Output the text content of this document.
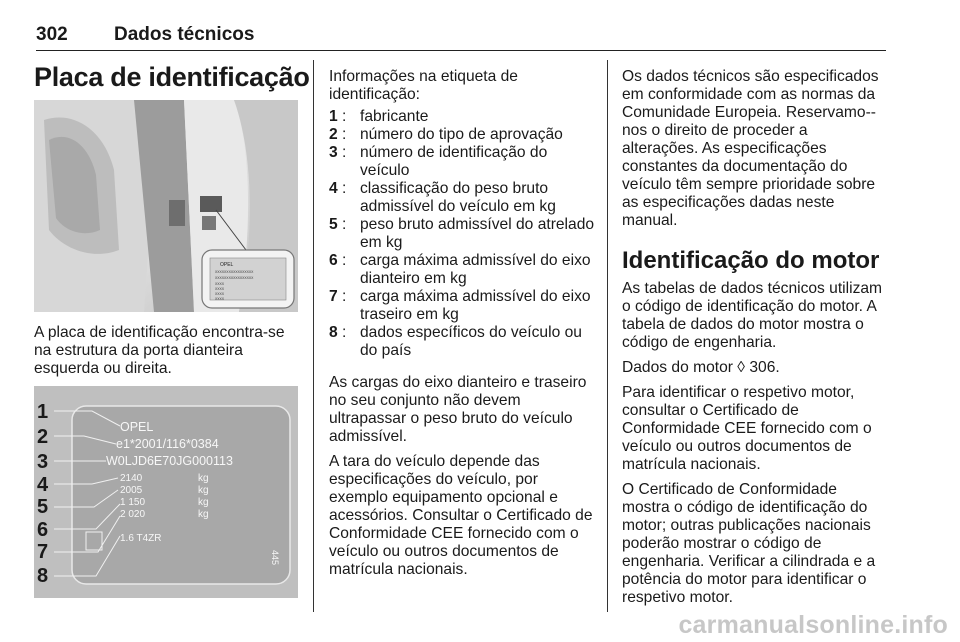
302 Dados técnicos
Placa de identificação
OPEL
XXXXXXXXXXXXXXXXX
XXXXXXXXXXXXXXXXX
XXXX
XXXX
XXXX
XXXX

A placa de identificação encontra-se na estrutura da porta dianteira esquerda ou direita.

1
2
3
4
5
6
7
8
OPEL
e1*2001/116*0384
W0LJD6E70JG000113
2140
2005
1 150
2 020
kg
kg
kg
kg
1.6 T4ZR
445

Informações na etiqueta de identificação:

1 : fabricante
2 : número do tipo de aprovação
3 : número de identificação do veículo
4 : classificação do peso bruto admissível do veículo em kg
5 : peso bruto admissível do atrelado em kg
6 : carga máxima admissível do eixo dianteiro em kg
7 : carga máxima admissível do eixo traseiro em kg
8 : dados específicos do veículo ou do país

As cargas do eixo dianteiro e traseiro no seu conjunto não devem ultrapassar o peso bruto do veículo admissível.

A tara do veículo depende das especificações do veículo, por exemplo equipamento opcional e acessórios. Consultar o Certificado de Conformidade CEE fornecido com o veículo ou outros documentos de matrícula nacionais.

Os dados técnicos são especificados em conformidade com as normas da Comunidade Europeia. Reservamo--nos o direito de proceder a alterações. As especificações constantes da documentação do veículo têm sempre prioridade sobre as especificações dadas neste manual.

Identificação do motor

As tabelas de dados técnicos utilizam o código de identificação do motor. A tabela de dados do motor mostra o código de engenharia.

Dados do motor ◊ 306.

Para identificar o respetivo motor, consultar o Certificado de Conformidade CEE fornecido com o veículo ou outros documentos de matrícula nacionais.

O Certificado de Conformidade mostra o código de identificação do motor; outras publicações nacionais poderão mostrar o código de engenharia. Verificar a cilindrada e a potência do motor para identificar o respetivo motor.

carmanualsonline.info
